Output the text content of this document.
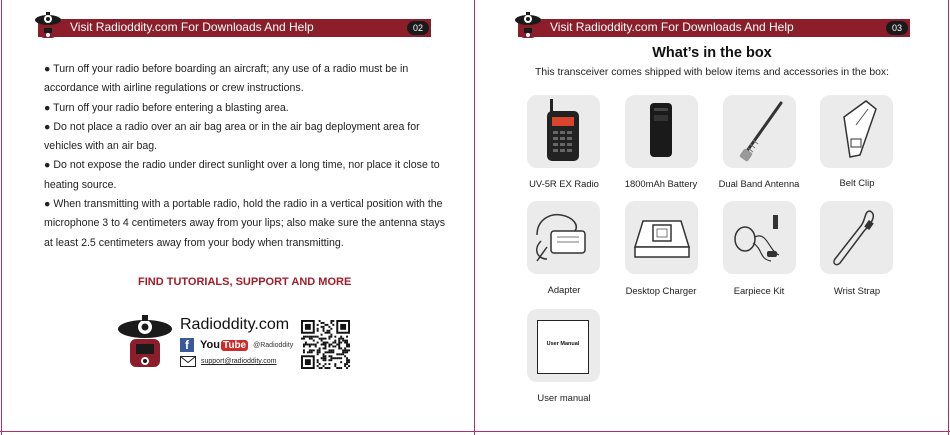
Visit Radioddity.com For Downloads And Help	02

● Turn off your radio before boarding an aircraft; any use of a radio must be in accordance with airline regulations or crew instructions.

● Turn off your radio before entering a blasting area.

● Do not place a radio over an air bag area or in the air bag deployment area for vehicles with an air bag.

● Do not expose the radio under direct sunlight over a long time, nor place it close to heating source.

● When transmitting with a portable radio, hold the radio in a vertical position with the microphone 3 to 4 centimeters away from your lips; also make sure the antenna stays at least 2.5 centimeters away from your body when transmitting.

FIND TUTORIALS, SUPPORT AND MORE
Radioddity.com
f	You Tube @Radioddity
support@radioddity.com
Visit Radioddity.com For Downloads And Help	03
What’s in the box
This transceiver comes shipped with below items and accessories in the box:
UV-5R EX Radio	1800mAh Battery	Dual Band Antenna	Belt Clip
Adapter	Desktop Charger	Earpiece Kit	Wrist Strap
User Manual
User manual
